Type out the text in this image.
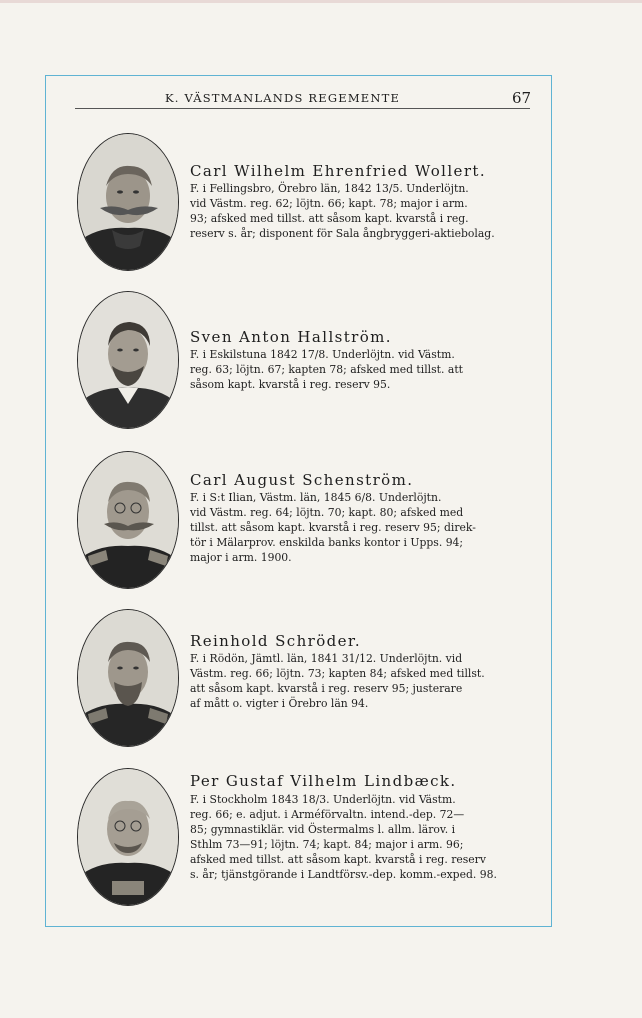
K. VÄSTMANLANDS REGEMENTE	67
Carl Wilhelm Ehrenfried Wollert.
F. i Fellingsbro, Örebro län, 1842 13/5. Underlöjtn.
vid Västm. reg. 62; löjtn. 66; kapt. 78; major i arm.
93; afsked med tillst. att såsom kapt. kvarstå i reg.
reserv s. år; disponent för Sala ångbryggeri-aktiebolag.
Sven Anton Hallström.
F. i Eskilstuna 1842 17/8. Underlöjtn. vid Västm.
reg. 63; löjtn. 67; kapten 78; afsked med tillst. att
såsom kapt. kvarstå i reg. reserv 95.
Carl August Schenström.
F. i S:t Ilian, Västm. län, 1845 6/8. Underlöjtn.
vid Västm. reg. 64; löjtn. 70; kapt. 80; afsked med
tillst. att såsom kapt. kvarstå i reg. reserv 95; direk-
tör i Mälarprov. enskilda banks kontor i Upps. 94;
major i arm. 1900.
Reinhold Schröder.
F. i Rödön, Jämtl. län, 1841 31/12. Underlöjtn. vid
Västm. reg. 66; löjtn. 73; kapten 84; afsked med tillst.
att såsom kapt. kvarstå i reg. reserv 95; justerare
af mått o. vigter i Örebro län 94.
Per Gustaf Vilhelm Lindbæck.
F. i Stockholm 1843 18/3. Underlöjtn. vid Västm.
reg. 66; e. adjut. i Arméförvaltn. intend.-dep. 72—
85; gymnastiklär. vid Östermalms l. allm. lärov. i
Sthlm 73—91; löjtn. 74; kapt. 84; major i arm. 96;
afsked med tillst. att såsom kapt. kvarstå i reg. reserv
s. år; tjänstgörande i Landtförsv.-dep. komm.-exped. 98.
